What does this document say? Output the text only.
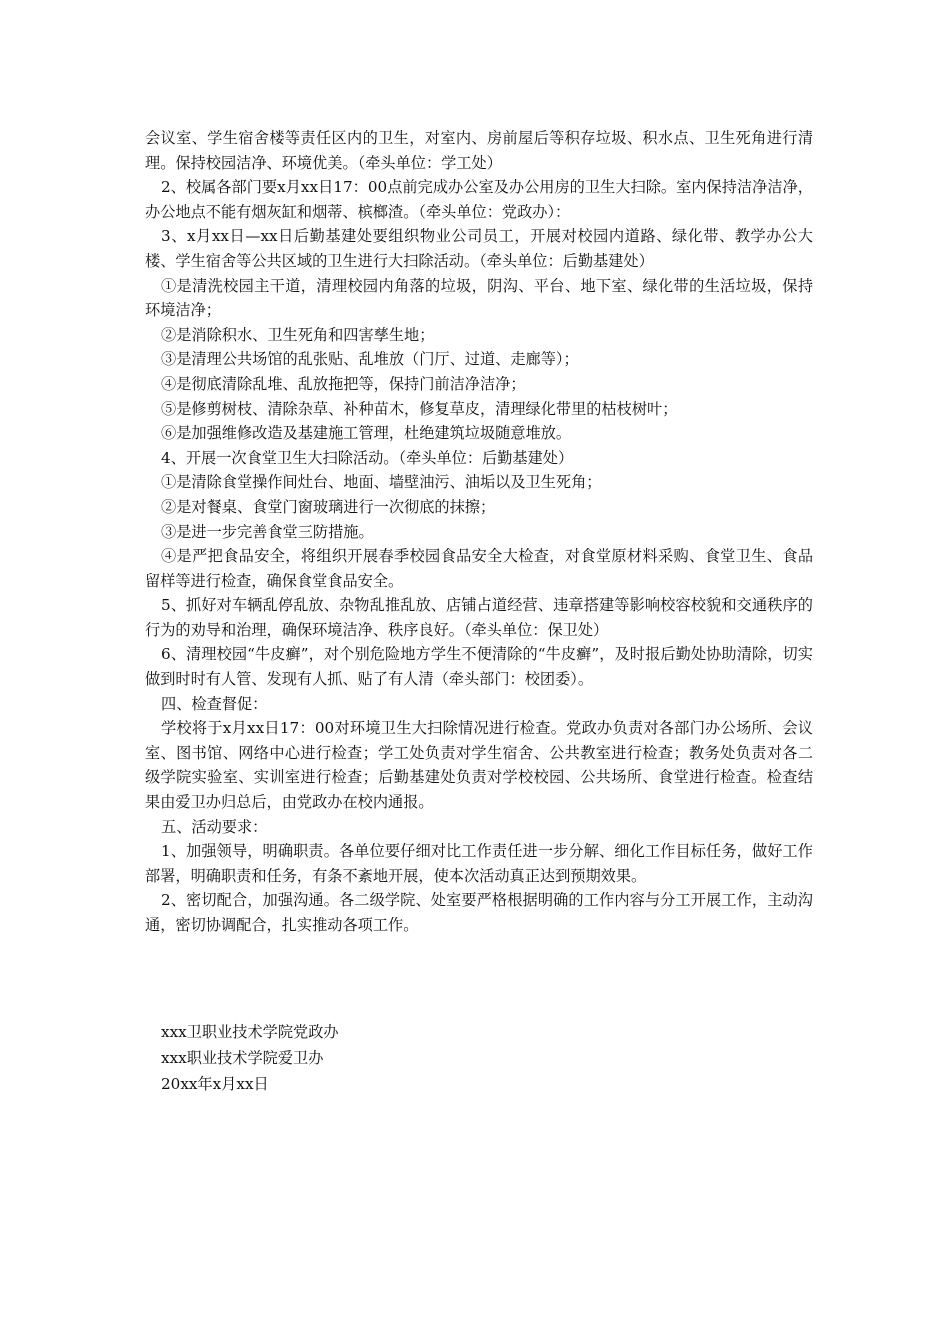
会议室、学生宿舍楼等责任区内的卫生，对室内、房前屋后等积存垃圾、积水点、卫生死角进行清理。保持校园洁净、环境优美。（牵头单位：学工处）

2、校属各部门要x月xx日17：00点前完成办公室及办公用房的卫生大扫除。室内保持洁净洁净，办公地点不能有烟灰缸和烟蒂、槟榔渣。（牵头单位：党政办）：

3、x月xx日—xx日后勤基建处要组织物业公司员工，开展对校园内道路、绿化带、教学办公大楼、学生宿舍等公共区域的卫生进行大扫除活动。（牵头单位：后勤基建处）

①是清洗校园主干道，清理校园内角落的垃圾，阴沟、平台、地下室、绿化带的生活垃圾，保持环境洁净；

②是消除积水、卫生死角和四害孳生地；

③是清理公共场馆的乱张贴、乱堆放（门厅、过道、走廊等）；

④是彻底清除乱堆、乱放拖把等，保持门前洁净洁净；

⑤是修剪树枝、清除杂草、补种苗木，修复草皮，清理绿化带里的枯枝树叶；

⑥是加强维修改造及基建施工管理，杜绝建筑垃圾随意堆放。

4、开展一次食堂卫生大扫除活动。（牵头单位：后勤基建处）

①是清除食堂操作间灶台、地面、墙壁油污、油垢以及卫生死角；

②是对餐桌、食堂门窗玻璃进行一次彻底的抹擦；

③是进一步完善食堂三防措施。

④是严把食品安全，将组织开展春季校园食品安全大检查，对食堂原材料采购、食堂卫生、食品留样等进行检查，确保食堂食品安全。

5、抓好对车辆乱停乱放、杂物乱推乱放、店铺占道经营、违章搭建等影响校容校貌和交通秩序的行为的劝导和治理，确保环境洁净、秩序良好。（牵头单位：保卫处）

6、清理校园“牛皮癣”，对个别危险地方学生不便清除的“牛皮癣”，及时报后勤处协助清除，切实做到时时有人管、发现有人抓、贴了有人清（牵头部门：校团委）。

四、检查督促：

学校将于x月xx日17：00对环境卫生大扫除情况进行检查。党政办负责对各部门办公场所、会议室、图书馆、网络中心进行检查；学工处负责对学生宿舍、公共教室进行检查；教务处负责对各二级学院实验室、实训室进行检查；后勤基建处负责对学校校园、公共场所、食堂进行检查。检查结果由爱卫办归总后，由党政办在校内通报。

五、活动要求：

1、加强领导，明确职责。各单位要仔细对比工作责任进一步分解、细化工作目标任务，做好工作部署，明确职责和任务，有条不紊地开展，使本次活动真正达到预期效果。

2、密切配合，加强沟通。各二级学院、处室要严格根据明确的工作内容与分工开展工作，主动沟通，密切协调配合，扎实推动各项工作。

xxx卫职业技术学院党政办

xxx职业技术学院爱卫办

20xx年x月xx日
